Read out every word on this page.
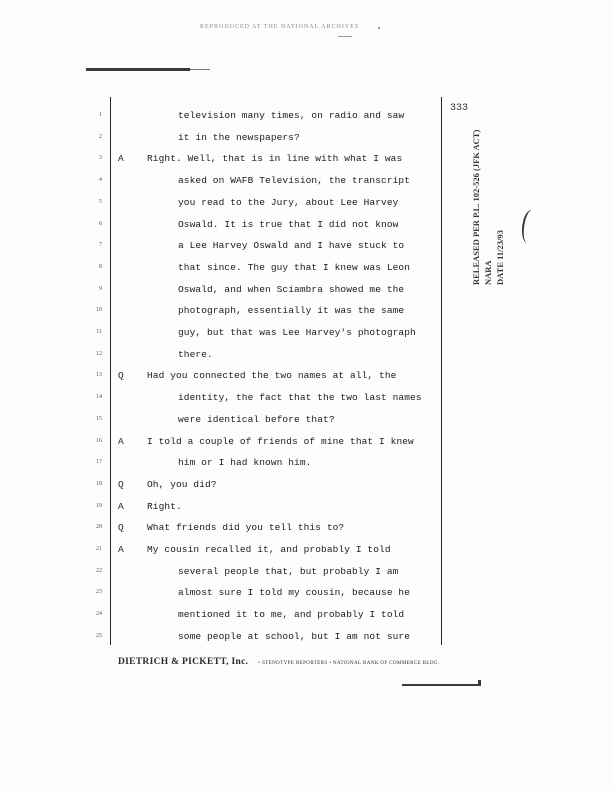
REPRODUCED AT THE NATIONAL ARCHIVES
333
1	television many times, on radio and saw
2	it in the newspapers?
3 A Right. Well, that is in line with what I was
4	asked on WAFB Television, the transcript
5	you read to the Jury, about Lee Harvey
6	Oswald. It is true that I did not know
7	a Lee Harvey Oswald and I have stuck to
8	that since. The guy that I knew was Leon
9	Oswald, and when Sciambra showed me the
10	photograph, essentially it was the same
11	guy, but that was Lee Harvey's photograph
12	there.
13 Q Had you connected the two names at all, the
14	identity, the fact that the two last names
15	were identical before that?
16 A I told a couple of friends of mine that I knew
17	him or I had known him.
18 Q Oh, you did?
19 A Right.
20 Q What friends did you tell this to?
21 A My cousin recalled it, and probably I told
22	several people that, but probably I am
23	almost sure I told my cousin, because he
24	mentioned it to me, and probably I told
25	some people at school, but I am not sure
RELEASED PER P.L. 102-526 (JFK ACT) NARA DATE 11/23/93
DIETRICH & PICKETT, Inc. • STENOTYPE REPORTERS • NATIONAL BANK OF COMMERCE BLDG.
